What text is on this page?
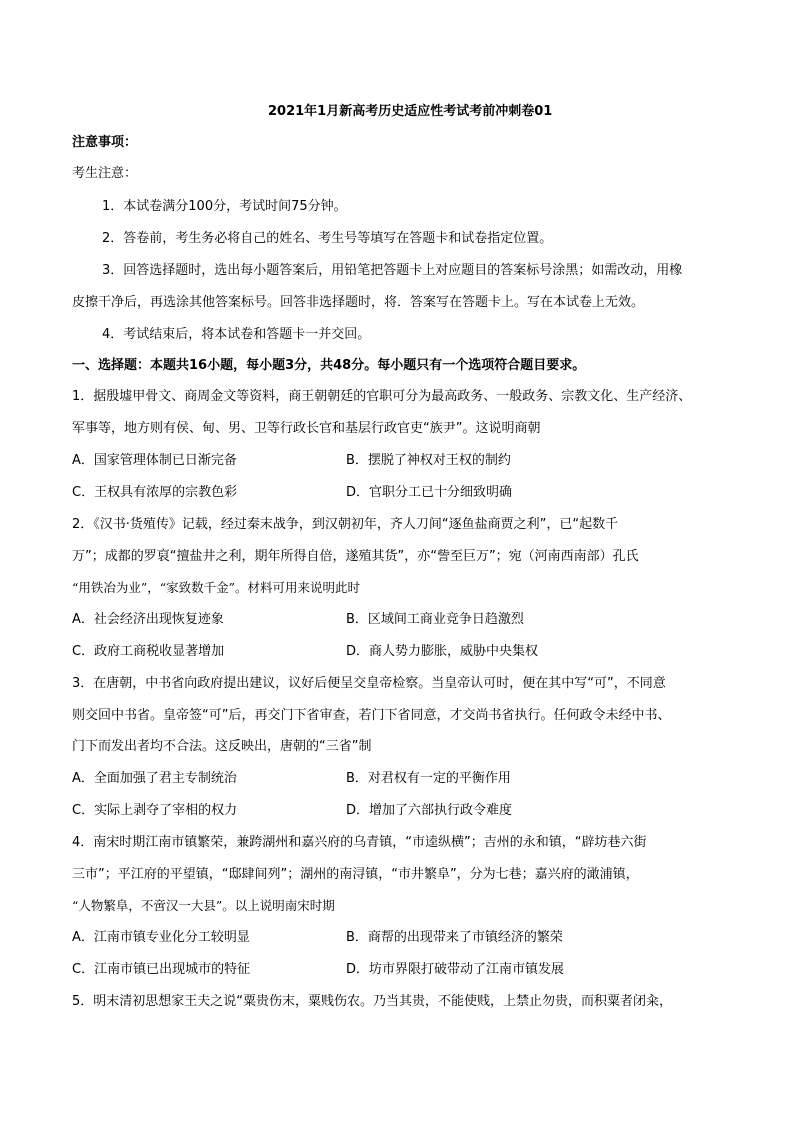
2021年1月新高考历史适应性考试考前冲刺卷01
注意事项：
考生注意：
1．本试卷满分100分，考试时间75分钟。
2．答卷前，考生务必将自己的姓名、考生号等填写在答题卡和试卷指定位置。
3．回答选择题时，选出每小题答案后，用铅笔把答题卡上对应题目的答案标号涂黑；如需改动，用橡
皮擦干净后，再选涂其他答案标号。回答非选择题时，将．答案写在答题卡上。写在本试卷上无效。
4．考试结束后，将本试卷和答题卡一并交回。
一、选择题：本题共16小题，每小题3分，共48分。每小题只有一个选项符合题目要求。
1．据殷墟甲骨文、商周金文等资料，商王朝朝廷的官职可分为最高政务、一般政务、宗教文化、生产经济、
军事等，地方则有侯、甸、男、卫等行政长官和基层行政官吏“族尹”。这说明商朝
A．国家管理体制已日渐完备	B．摆脱了神权对王权的制约
C．王权具有浓厚的宗教色彩	D．官职分工已十分细致明确
2．《汉书·货殖传》记载，经过秦末战争，到汉朝初年，齐人刀间“逐鱼盐商贾之利”，已“起数千
万”；成都的罗裒“擅盐井之利，期年所得自倍，遂殖其货”，亦“訾至巨万”；宛（河南西南部）孔氏
“用铁冶为业”，“家致数千金”。材料可用来说明此时
A．社会经济出现恢复迹象	B．区域间工商业竞争日趋激烈
C．政府工商税收显著增加	D．商人势力膨胀，威胁中央集权
3．在唐朝，中书省向政府提出建议，议好后便呈交皇帝检察。当皇帝认可时，便在其中写“可”，不同意
则交回中书省。皇帝签“可”后，再交门下省审查，若门下省同意，才交尚书省执行。任何政令未经中书、
门下而发出者均不合法。这反映出，唐朝的“三省”制
A．全面加强了君主专制统治	B．对君权有一定的平衡作用
C．实际上剥夺了宰相的权力	D．增加了六部执行政令难度
4．南宋时期江南市镇繁荣，兼跨湖州和嘉兴府的乌青镇，“市逵纵横”；吉州的永和镇，“辟坊巷六街
三市”；平江府的平望镇，“邸肆间列”；湖州的南浔镇，“市井繁阜”，分为七巷；嘉兴府的澉浦镇，
“人物繁阜，不啻汉一大县”。以上说明南宋时期
A．江南市镇专业化分工较明显	B．商帮的出现带来了市镇经济的繁荣
C．江南市镇已出现城市的特征	D．坊市界限打破带动了江南市镇发展
5．明末清初思想家王夫之说“粟贵伤末，粟贱伤农。乃当其贵，不能使贱，上禁止勿贵，而积粟者闭籴，
